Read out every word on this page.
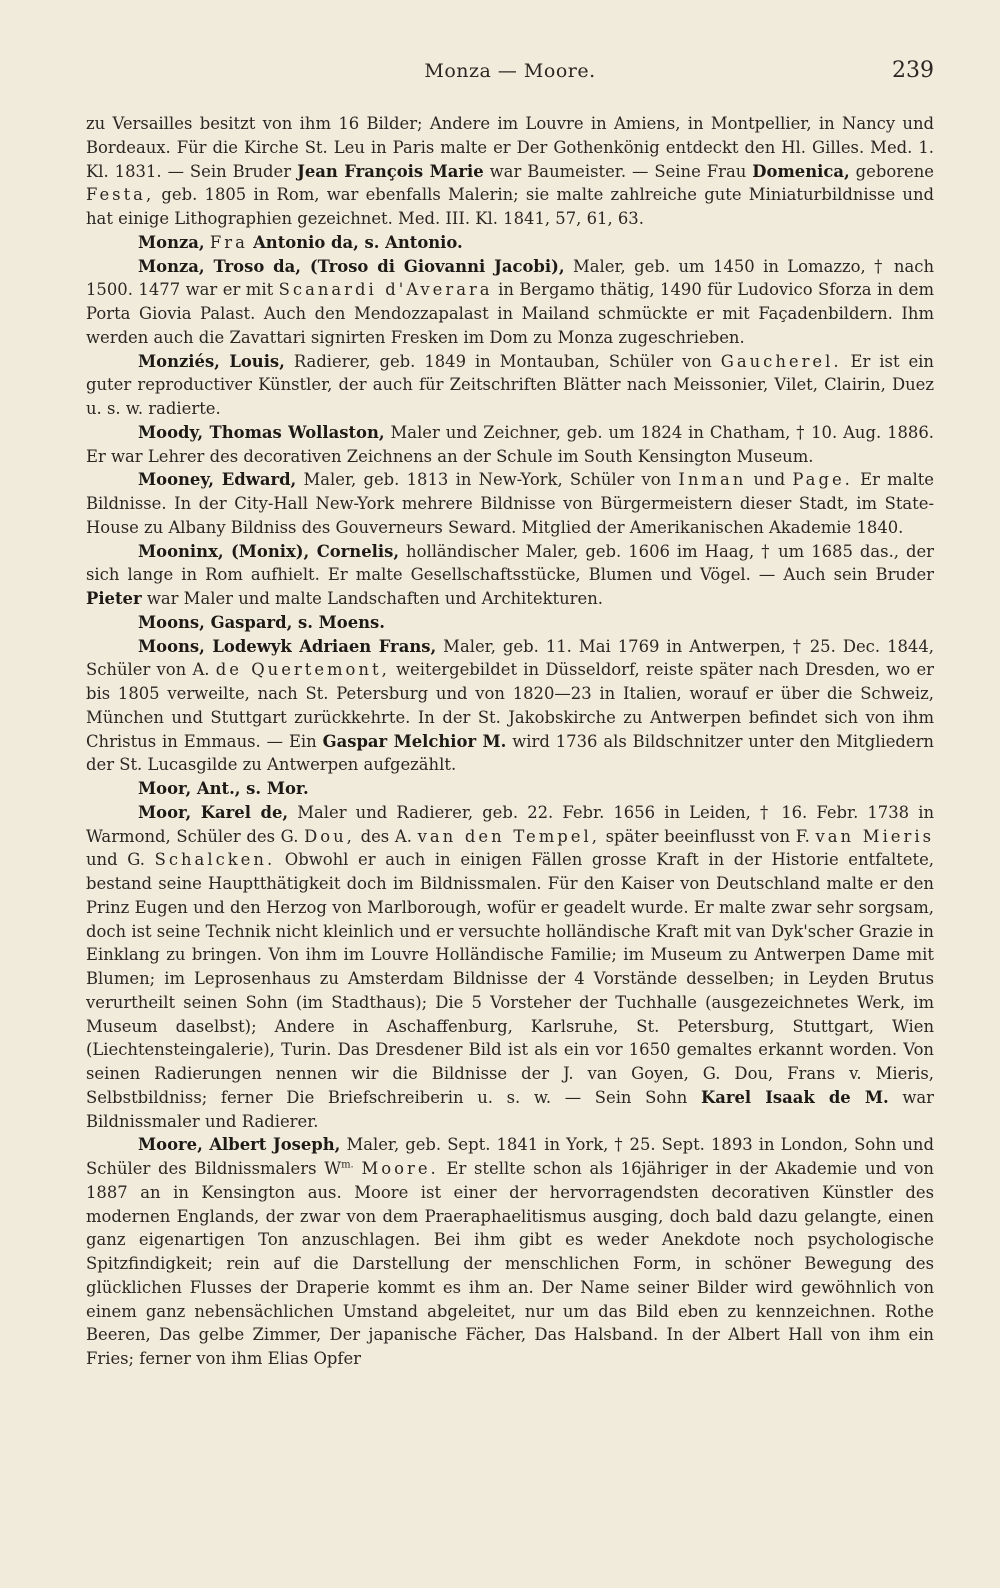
Monza — Moore.	239

zu Versailles besitzt von ihm 16 Bilder; Andere im Louvre in Amiens, in Montpellier, in Nancy und Bordeaux. Für die Kirche St. Leu in Paris malte er Der Gothenkönig entdeckt den Hl. Gilles. Med. 1. Kl. 1831. — Sein Bruder Jean François Marie war Baumeister. — Seine Frau Domenica, geborene Festa, geb. 1805 in Rom, war ebenfalls Malerin; sie malte zahlreiche gute Miniaturbildnisse und hat einige Lithographien gezeichnet. Med. III. Kl. 1841, 57, 61, 63.

Monza, Fra Antonio da, s. Antonio.

Monza, Troso da, (Troso di Giovanni Jacobi), Maler, geb. um 1450 in Lomazzo, † nach 1500. 1477 war er mit Scanardi d'Averara in Bergamo thätig, 1490 für Ludovico Sforza in dem Porta Giovia Palast. Auch den Mendozzapalast in Mailand schmückte er mit Façadenbildern. Ihm werden auch die Zavattari signirten Fresken im Dom zu Monza zugeschrieben.

Monziés, Louis, Radierer, geb. 1849 in Montauban, Schüler von Gaucherel. Er ist ein guter reproductiver Künstler, der auch für Zeitschriften Blätter nach Meissonier, Vilet, Clairin, Duez u. s. w. radierte.

Moody, Thomas Wollaston, Maler und Zeichner, geb. um 1824 in Chatham, † 10. Aug. 1886. Er war Lehrer des decorativen Zeichnens an der Schule im South Kensington Museum.

Mooney, Edward, Maler, geb. 1813 in New-York, Schüler von Inman und Page. Er malte Bildnisse. In der City-Hall New-York mehrere Bildnisse von Bürgermeistern dieser Stadt, im State-House zu Albany Bildniss des Gouverneurs Seward. Mitglied der Amerikanischen Akademie 1840.

Mooninx, (Monix), Cornelis, holländischer Maler, geb. 1606 im Haag, † um 1685 das., der sich lange in Rom aufhielt. Er malte Gesellschaftsstücke, Blumen und Vögel. — Auch sein Bruder Pieter war Maler und malte Landschaften und Architekturen.

Moons, Gaspard, s. Moens.

Moons, Lodewyk Adriaen Frans, Maler, geb. 11. Mai 1769 in Antwerpen, † 25. Dec. 1844, Schüler von A. de Quertemont, weitergebildet in Düsseldorf, reiste später nach Dresden, wo er bis 1805 verweilte, nach St. Petersburg und von 1820—23 in Italien, worauf er über die Schweiz, München und Stuttgart zurückkehrte. In der St. Jakobskirche zu Antwerpen befindet sich von ihm Christus in Emmaus. — Ein Gaspar Melchior M. wird 1736 als Bildschnitzer unter den Mitgliedern der St. Lucasgilde zu Antwerpen aufgezählt.

Moor, Ant., s. Mor.

Moor, Karel de, Maler und Radierer, geb. 22. Febr. 1656 in Leiden, † 16. Febr. 1738 in Warmond, Schüler des G. Dou, des A. van den Tempel, später beeinflusst von F. van Mieris und G. Schalcken. Obwohl er auch in einigen Fällen grosse Kraft in der Historie entfaltete, bestand seine Hauptthätigkeit doch im Bildnissmalen. Für den Kaiser von Deutschland malte er den Prinz Eugen und den Herzog von Marlborough, wofür er geadelt wurde. Er malte zwar sehr sorgsam, doch ist seine Technik nicht kleinlich und er versuchte holländische Kraft mit van Dyk'scher Grazie in Einklang zu bringen. Von ihm im Louvre Holländische Familie; im Museum zu Antwerpen Dame mit Blumen; im Leprosenhaus zu Amsterdam Bildnisse der 4 Vorstände desselben; in Leyden Brutus verurtheilt seinen Sohn (im Stadthaus); Die 5 Vorsteher der Tuchhalle (ausgezeichnetes Werk, im Museum daselbst); Andere in Aschaffenburg, Karlsruhe, St. Petersburg, Stuttgart, Wien (Liechtensteingalerie), Turin. Das Dresdener Bild ist als ein vor 1650 gemaltes erkannt worden. Von seinen Radierungen nennen wir die Bildnisse der J. van Goyen, G. Dou, Frans v. Mieris, Selbstbildniss; ferner Die Briefschreiberin u. s. w. — Sein Sohn Karel Isaak de M. war Bildnissmaler und Radierer.

Moore, Albert Joseph, Maler, geb. Sept. 1841 in York, † 25. Sept. 1893 in London, Sohn und Schüler des Bildnissmalers $W^{m.}$ Moore. Er stellte schon als 16jähriger in der Akademie und von 1887 an in Kensington aus. Moore ist einer der hervorragendsten decorativen Künstler des modernen Englands, der zwar von dem Praeraphaelitismus ausging, doch bald dazu gelangte, einen ganz eigenartigen Ton anzuschlagen. Bei ihm gibt es weder Anekdote noch psychologische Spitzfindigkeit; rein auf die Darstellung der menschlichen Form, in schöner Bewegung des glücklichen Flusses der Draperie kommt es ihm an. Der Name seiner Bilder wird gewöhnlich von einem ganz nebensächlichen Umstand abgeleitet, nur um das Bild eben zu kennzeichnen. Rothe Beeren, Das gelbe Zimmer, Der japanische Fächer, Das Halsband. In der Albert Hall von ihm ein Fries; ferner von ihm Elias Opfer
